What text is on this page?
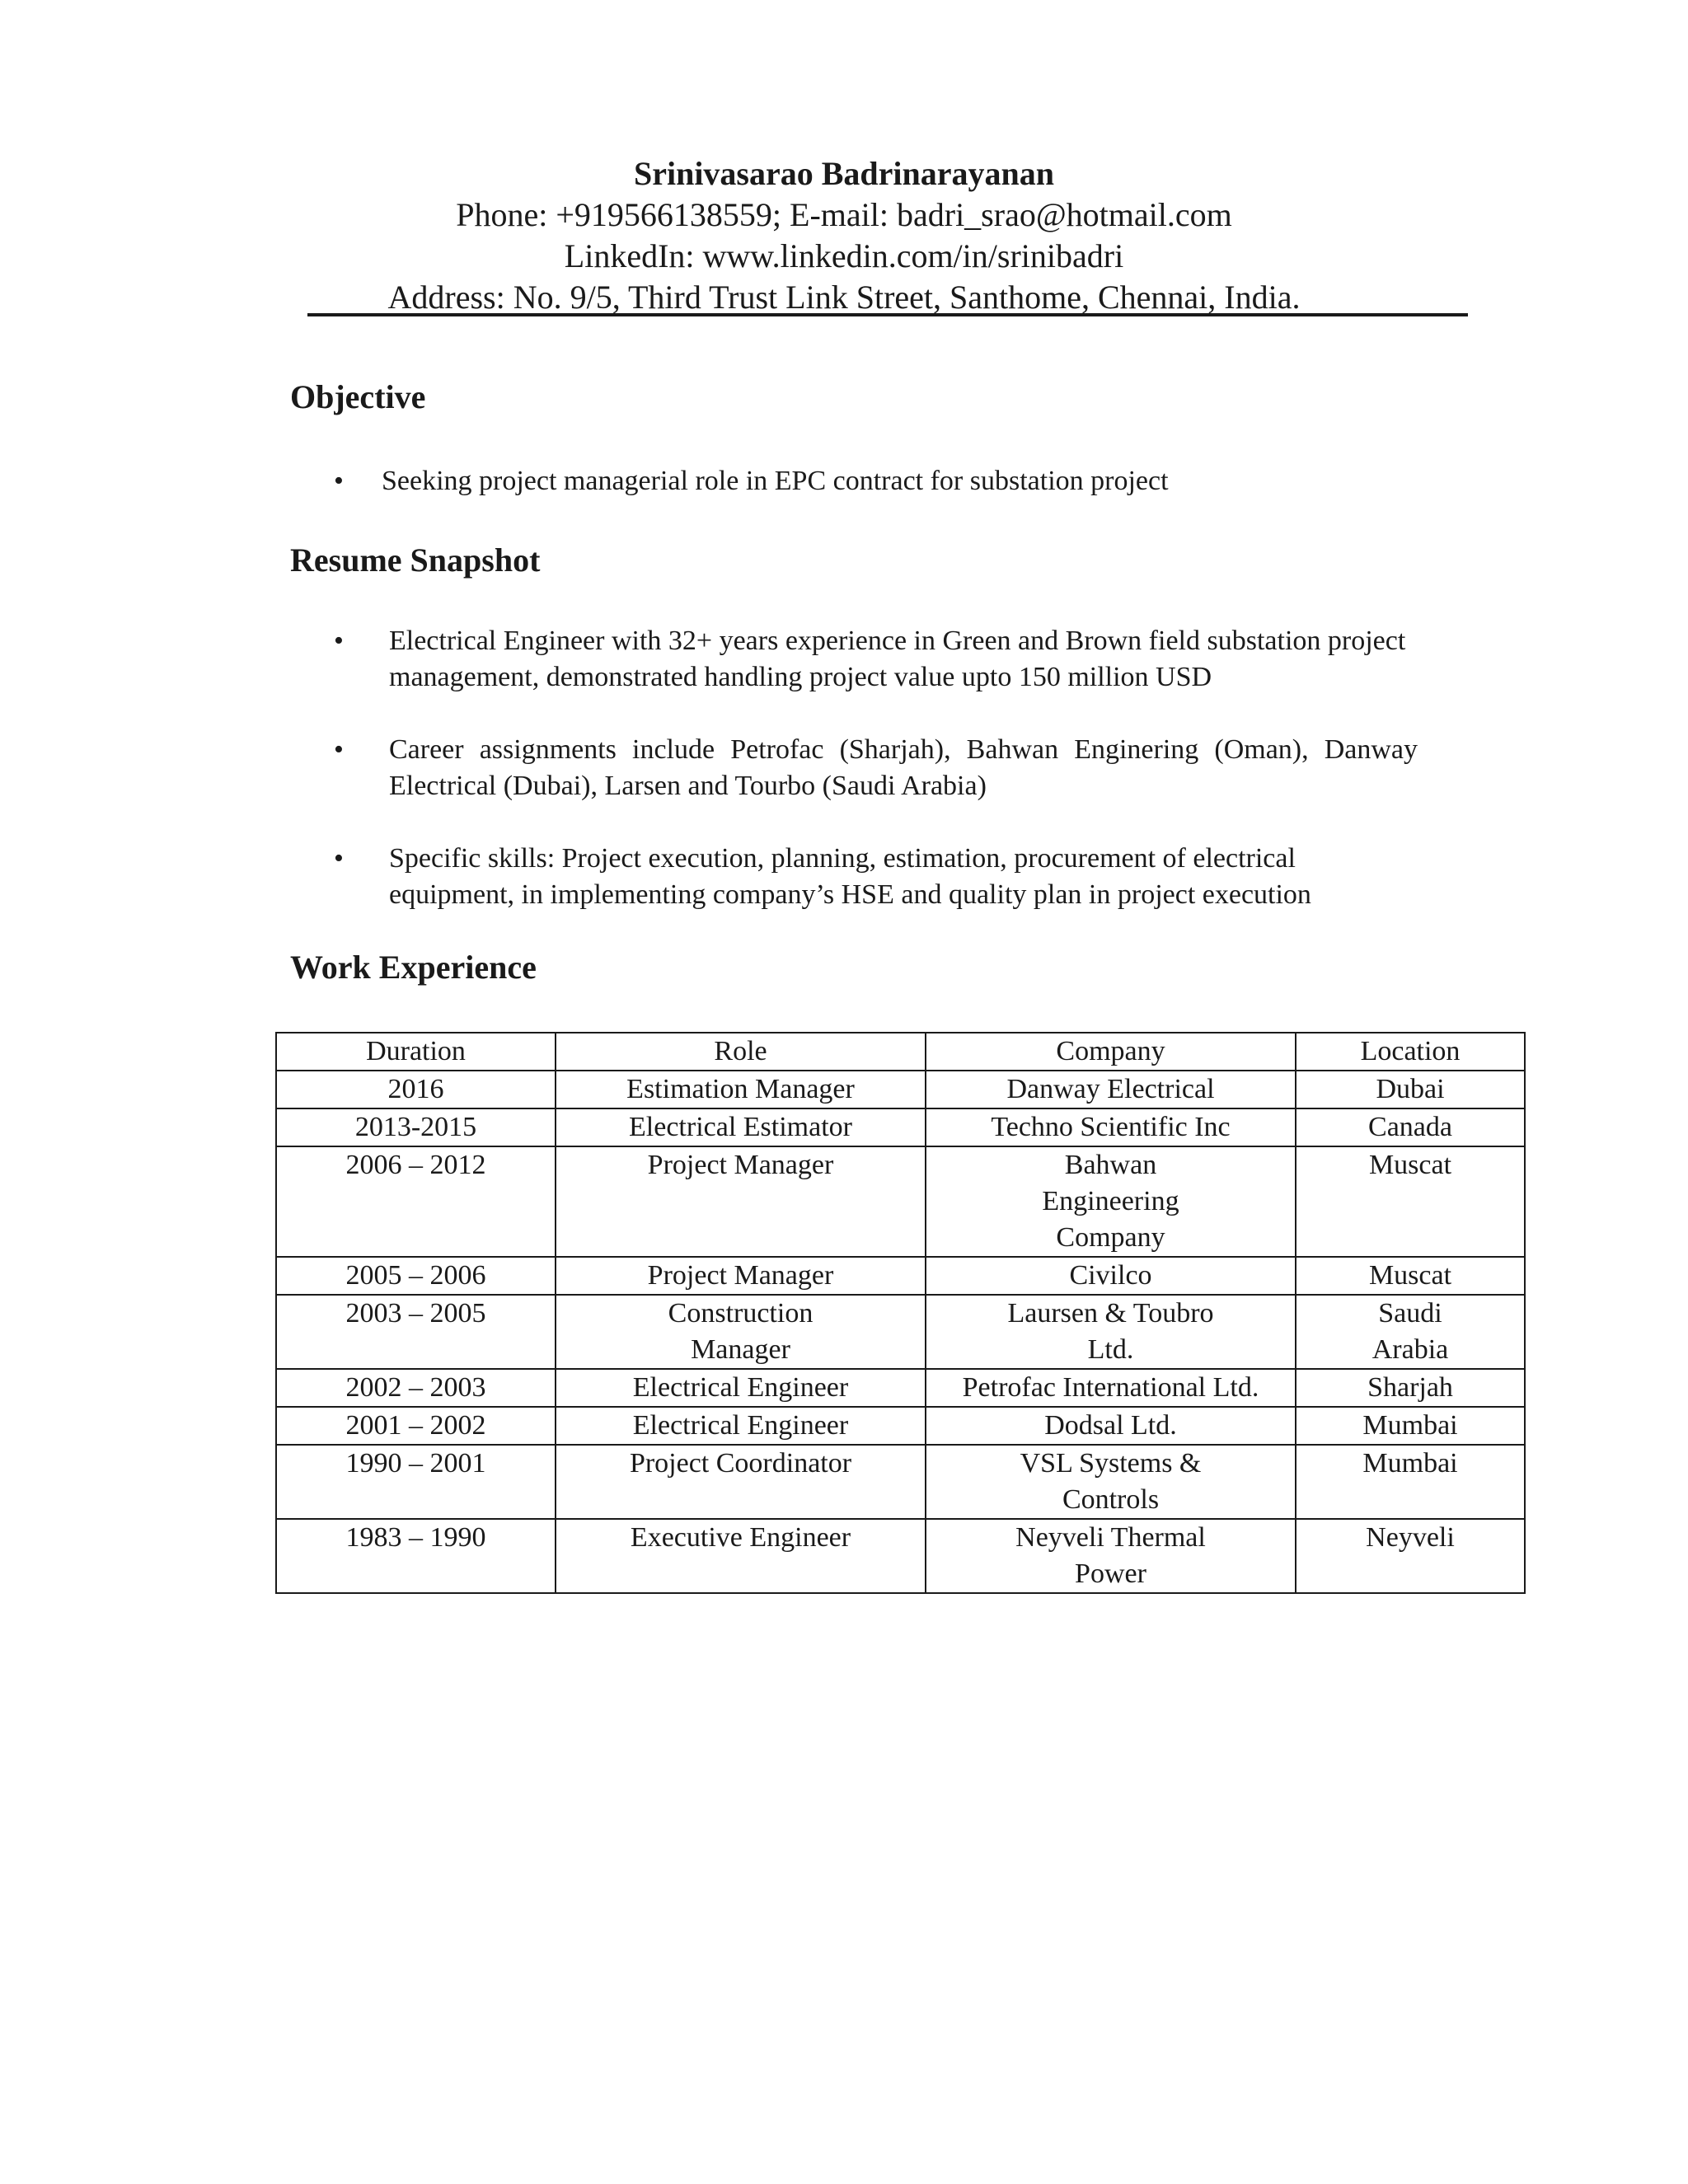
Srinivasarao Badrinarayanan
Phone: +919566138559; E-mail: badri_srao@hotmail.com
LinkedIn: www.linkedin.com/in/srinibadri
Address: No. 9/5, Third Trust Link Street, Santhome, Chennai, India.
Objective
• Seeking project managerial role in EPC contract for substation project
Resume Snapshot
• Electrical Engineer with 32+ years experience in Green and Brown field substation project management, demonstrated handling project value upto 150 million USD
• Career assignments include Petrofac (Sharjah), Bahwan Enginering (Oman), Danway Electrical (Dubai), Larsen and Tourbo (Saudi Arabia)
• Specific skills: Project execution, planning, estimation, procurement of electrical equipment, in implementing company’s HSE and quality plan in project execution
Work Experience
Duration	Role	Company	Location
2016	Estimation Manager	Danway Electrical	Dubai
2013-2015	Electrical Estimator	Techno Scientific Inc	Canada
2006 – 2012	Project Manager	Bahwan Engineering Company	Muscat
2005 – 2006	Project Manager	Civilco	Muscat
2003 – 2005	Construction Manager	Laursen & Toubro Ltd.	Saudi Arabia
2002 – 2003	Electrical Engineer	Petrofac International Ltd.	Sharjah
2001 – 2002	Electrical Engineer	Dodsal Ltd.	Mumbai
1990 – 2001	Project Coordinator	VSL Systems & Controls	Mumbai
1983 – 1990	Executive Engineer	Neyveli Thermal Power	Neyveli
